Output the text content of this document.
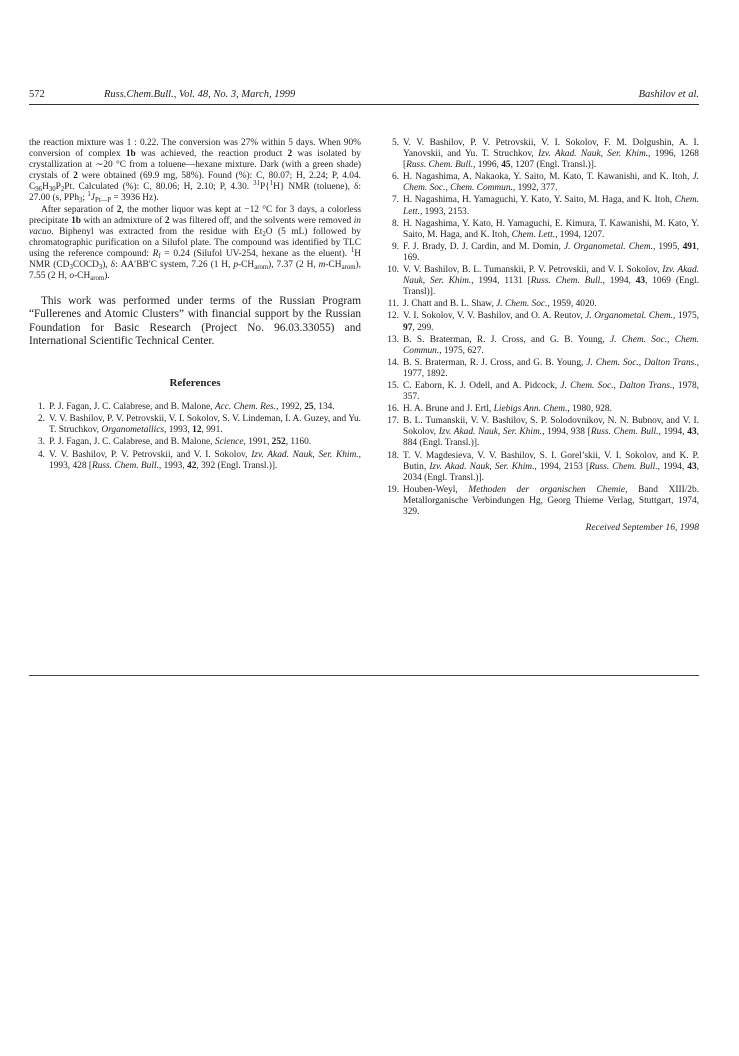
572	Russ.Chem.Bull., Vol. 48, No. 3, March, 1999	Bashilov et al.

the reaction mixture was 1 : 0.22. The conversion was 27% within 5 days. When 90% conversion of complex 1b was achieved, the reaction product 2 was isolated by crystallization at ∼20 °C from a toluene—hexane mixture. Dark (with a green shade) crystals of 2 were obtained (69.9 mg, 58%). Found (%): C, 80.07; H, 2.24; P, 4.04. $C_{96}H_{30}P_2Pt$. Calculated (%): C, 80.06; H, 2.10; P, 4.30. $^{31}$P{$^1$H} NMR (toluene), δ: 27.00 (s, PPh$_3$; $^1J_{Pt—P} = 3936$ Hz).

After separation of 2, the mother liquor was kept at −12 °C for 3 days, a colorless precipitate 1b with an admixture of 2 was filtered off, and the solvents were removed in vacuo. Biphenyl was extracted from the residue with $Et_2O$ (5 mL) followed by chromatographic purification on a Silufol plate. The compound was identified by TLC using the reference compound: $R_f = 0.24$ (Silufol UV-254, hexane as the eluent). $^1$H NMR $(CD_3COCD_3)$, δ: AA′BB′C system, 7.26 (1 H, $p-CH_{arom}$), 7.37 (2 H, $m-CH_{arom}$), 7.55 (2 H, $o-CH_{arom}$).

This work was performed under terms of the Russian Program “Fullerenes and Atomic Clusters” with financial support by the Russian Foundation for Basic Research (Project No. 96.03.33055) and International Scientific Technical Center.

References
1. P. J. Fagan, J. C. Calabrese, and B. Malone, Acc. Chem. Res., 1992, 25, 134.
2. V. V. Bashilov, P. V. Petrovskii, V. I. Sokolov, S. V. Lindeman, I. A. Guzey, and Yu. T. Struchkov, Organometallics, 1993, 12, 991.
3. P. J. Fagan, J. C. Calabrese, and B. Malone, Science, 1991, 252, 1160.
4. V. V. Bashilov, P. V. Petrovskii, and V. I. Sokolov, Izv. Akad. Nauk, Ser. Khim., 1993, 428 [Russ. Chem. Bull., 1993, 42, 392 (Engl. Transl.)].
5. V. V. Bashilov, P. V. Petrovskii, V. I. Sokolov, F. M. Dolgushin, A. I. Yanovskii, and Yu. T. Struchkov, Izv. Akad. Nauk, Ser. Khim., 1996, 1268 [Russ. Chem. Bull., 1996, 45, 1207 (Engl. Transl.)].
6. H. Nagashima, A. Nakaoka, Y. Saito, M. Kato, T. Kawanishi, and K. Itoh, J. Chem. Soc., Chem. Commun., 1992, 377.
7. H. Nagashima, H. Yamaguchi, Y. Kato, Y. Saito, M. Haga, and K. Itoh, Chem. Lett., 1993, 2153.
8. H. Nagashima, Y. Kato, H. Yamaguchi, E. Kimura, T. Kawanishi, M. Kato, Y. Saito, M. Haga, and K. Itoh, Chem. Lett., 1994, 1207.
9. F. J. Brady, D. J. Cardin, and M. Domin, J. Organometal. Chem., 1995, 491, 169.
10. V. V. Bashilov, B. L. Tumanskii, P. V. Petrovskii, and V. I. Sokolov, Izv. Akad. Nauk, Ser. Khim., 1994, 1131 [Russ. Chem. Bull., 1994, 43, 1069 (Engl. Transl)].
11. J. Chatt and B. L. Shaw, J. Chem. Soc., 1959, 4020.
12. V. I. Sokolov, V. V. Bashilov, and O. A. Reutov, J. Organometal. Chem., 1975, 97, 299.
13. B. S. Braterman, R. J. Cross, and G. B. Young, J. Chem. Soc., Chem. Commun., 1975, 627.
14. B. S. Braterman, R. J. Cross, and G. B. Young, J. Chem. Soc., Dalton Trans., 1977, 1892.
15. C. Eaborn, K. J. Odell, and A. Pidcock, J. Chem. Soc., Dalton Trans., 1978, 357.
16. H. A. Brune and J. Ertl, Liebigs Ann. Chem., 1980, 928.
17. B. L. Tumanskii, V. V. Bashilov, S. P. Solodovnikov, N. N. Bubnov, and V. I. Sokolov, Izv. Akad. Nauk, Ser. Khim., 1994, 938 [Russ. Chem. Bull., 1994, 43, 884 (Engl. Transl.)].
18. T. V. Magdesieva, V. V. Bashilov, S. I. Gorel’skii, V. I. Sokolov, and K. P. Butin, Izv. Akad. Nauk, Ser. Khim., 1994, 2153 [Russ. Chem. Bull., 1994, 43, 2034 (Engl. Transl.)].
19. Houben-Weyl, Methoden der organischen Chemie, Band XIII/2b. Metallorganische Verbindungen Hg, Georg Thieme Verlag, Stuttgart, 1974, 329.
Received September 16, 1998
